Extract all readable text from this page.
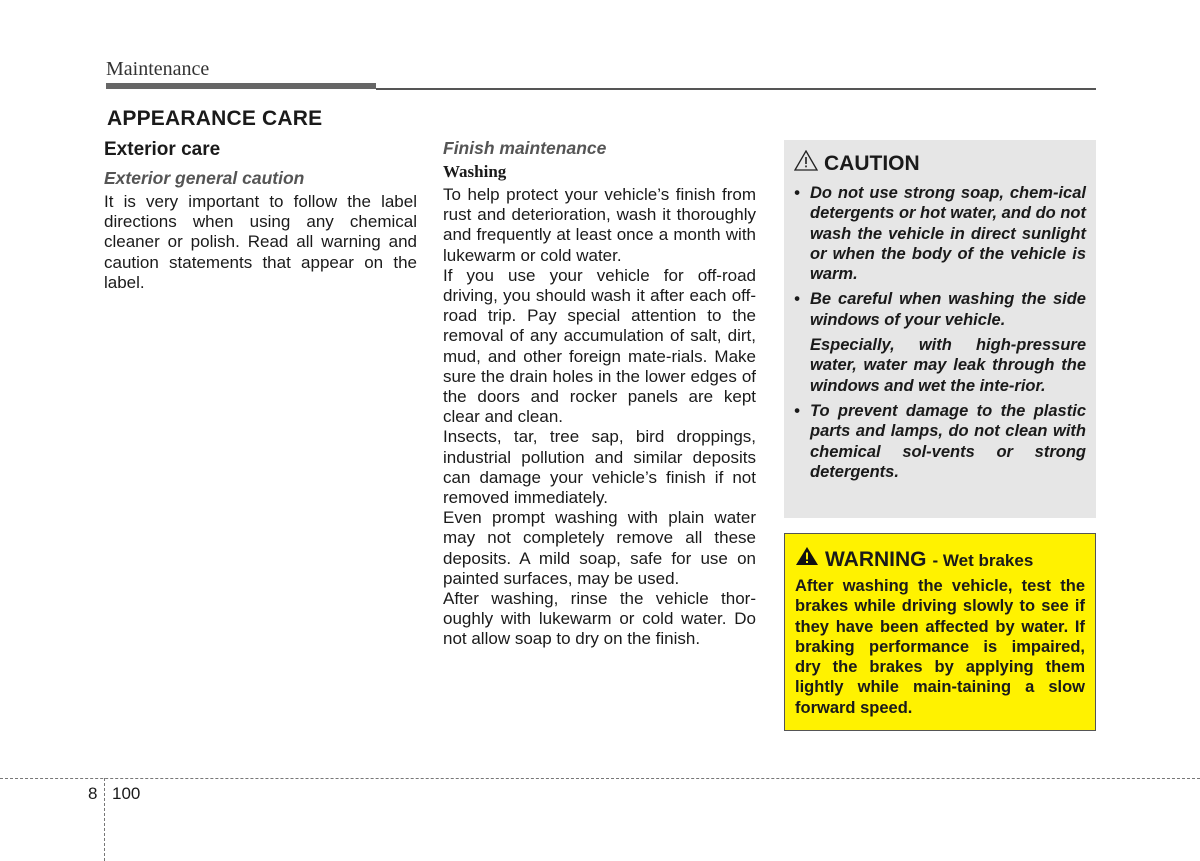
Maintenance
APPEARANCE CARE
Exterior care
Exterior general caution

It is very important to follow the label directions when using any chemical cleaner or polish. Read all warning and caution statements that appear on the label.

Finish maintenance
Washing

To help protect your vehicle’s finish from rust and deterioration, wash it thoroughly and frequently at least once a month with lukewarm or cold water.

If you use your vehicle for off-road driving, you should wash it after each off-road trip. Pay special attention to the removal of any accumulation of salt, dirt, mud, and other foreign mate-rials. Make sure the drain holes in the lower edges of the doors and rocker panels are kept clear and clean.

Insects, tar, tree sap, bird droppings, industrial pollution and similar deposits can damage your vehicle’s finish if not removed immediately.

Even prompt washing with plain water may not completely remove all these deposits. A mild soap, safe for use on painted surfaces, may be used.

After washing, rinse the vehicle thor-oughly with lukewarm or cold water. Do not allow soap to dry on the finish.

CAUTION
• Do not use strong soap, chem-ical detergents or hot water, and do not wash the vehicle in direct sunlight or when the body of the vehicle is warm.

• Be careful when washing the side windows of your vehicle.

Especially, with high-pressure water, water may leak through the windows and wet the inte-rior.

• To prevent damage to the plastic parts and lamps, do not clean with chemical sol-vents or strong detergents.

WARNING - Wet brakes

After washing the vehicle, test the brakes while driving slowly to see if they have been affected by water. If braking performance is impaired, dry the brakes by applying them lightly while main-taining a slow forward speed.

8 100
